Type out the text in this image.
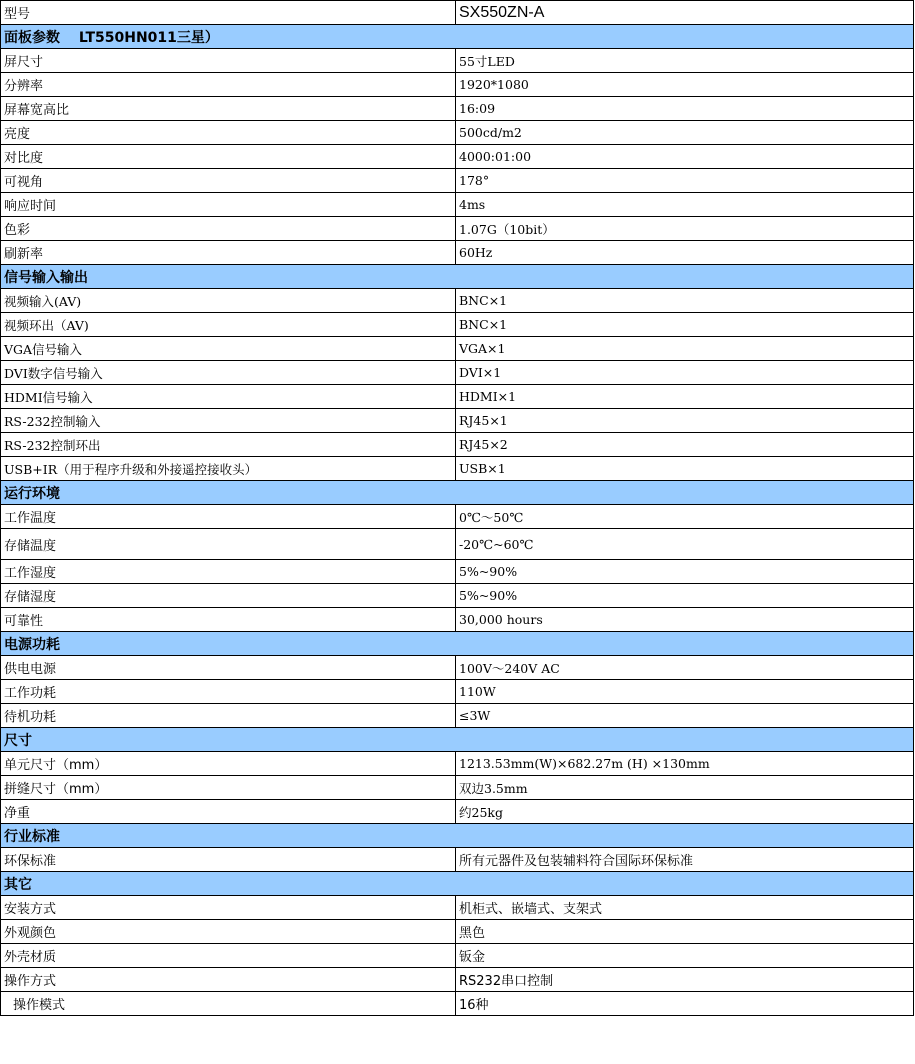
型号	SX550ZN-A
面板参数　 LT550HN011三星）	
屏尺寸	55寸LED
分辨率	1920*1080
屏幕宽高比	16:09
亮度	500cd/m2
对比度	4000:01:00
可视角	178°
响应时间	4ms
色彩	1.07G（10bit）
刷新率	60Hz
信号输入输出	
视频输入(AV)	BNC×1
视频环出（AV)	BNC×1
VGA信号输入	VGA×1
DVI数字信号输入	DVI×1
HDMI信号输入	HDMI×1
RS-232控制输入	RJ45×1
RS-232控制环出	RJ45×2
USB+IR（用于程序升级和外接遥控接收头）	USB×1
运行环境	
工作温度	0℃～50℃
存储温度	-20℃~60℃
工作湿度	5%~90%
存储湿度	5%~90%
可靠性	30,000 hours
电源功耗	
供电电源	100V～240V AC
工作功耗	110W
待机功耗	≤3W
尺寸	
单元尺寸（mm）	1213.53mm(W)×682.27m (H) ×130mm
拼缝尺寸（mm）	双边3.5mm
净重	约25kg
行业标准	
环保标准	所有元器件及包装辅料符合国际环保标准
其它	
安装方式	机柜式、嵌墙式、支架式
外观颜色	黑色
外壳材质	钣金
操作方式	RS232串口控制
操作模式	16种
